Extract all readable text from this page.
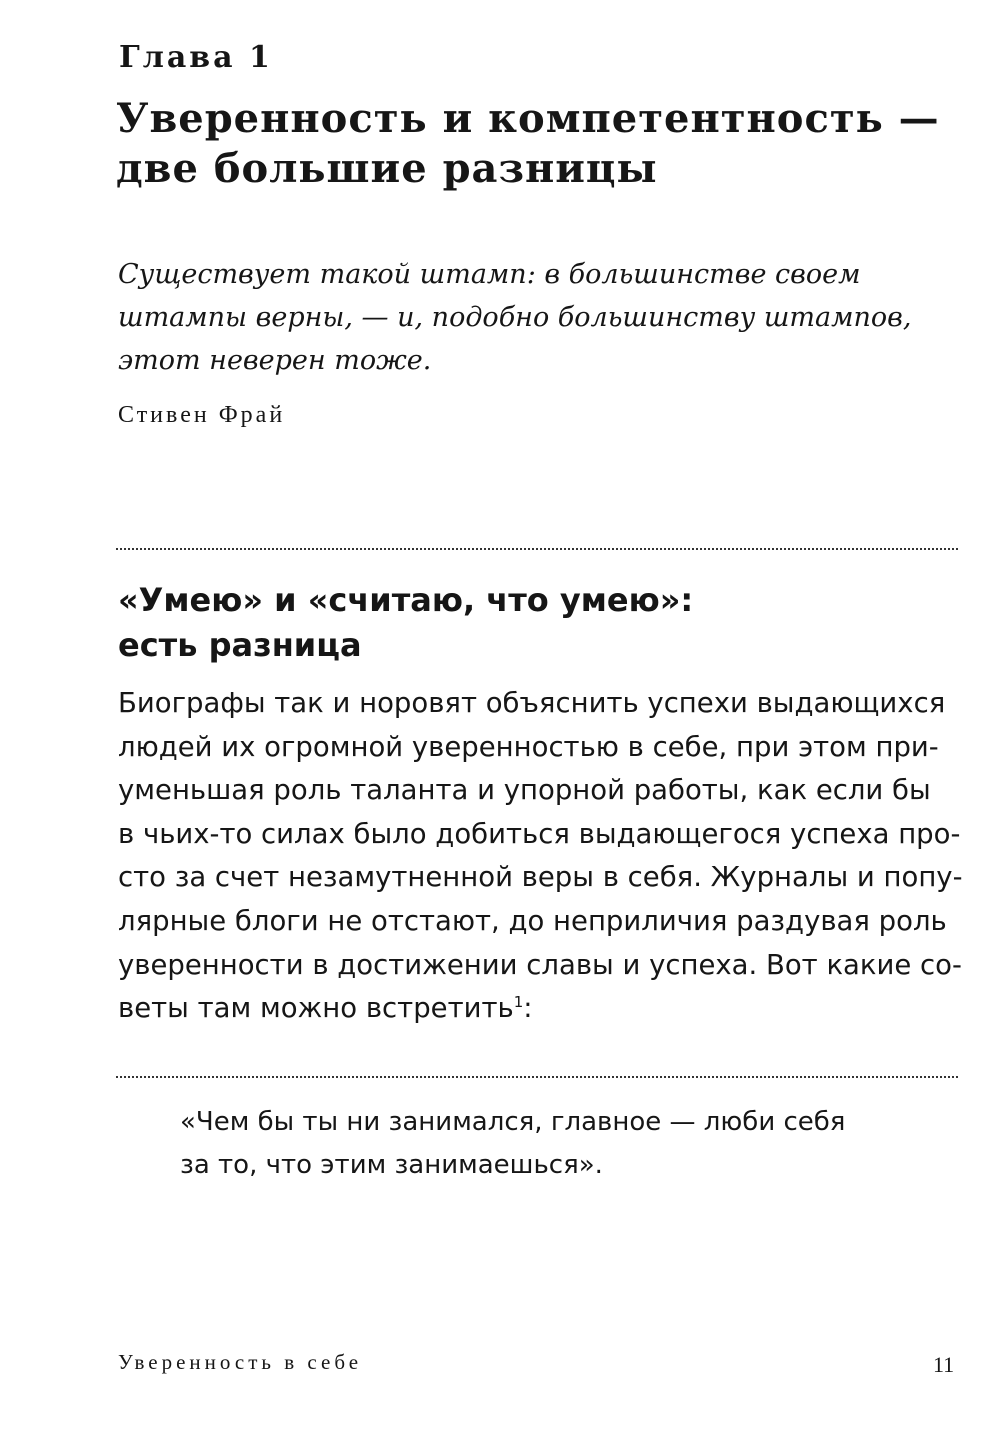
Глава 1
Уверенность и компетентность —
две большие разницы

Существует такой штамп: в большинстве своем
штампы верны, — и, подобно большинству штампов,
этот неверен тоже.

Стивен Фрай

«Умею» и «считаю, что умею»:
есть разница

Биографы так и норовят объяснить успехи выдающихся
людей их огромной уверенностью в себе, при этом при-
уменьшая роль таланта и упорной работы, как если бы
в чьих-то силах было добиться выдающегося успеха про-
сто за счет незамутненной веры в себя. Журналы и попу-
лярные блоги не отстают, до неприличия раздувая роль
уверенности в достижении славы и успеха. Вот какие со-
веты там можно встретить$^1$:

«Чем бы ты ни занимался, главное — люби себя
за то, что этим занимаешься».
Уверенность в себе	11
